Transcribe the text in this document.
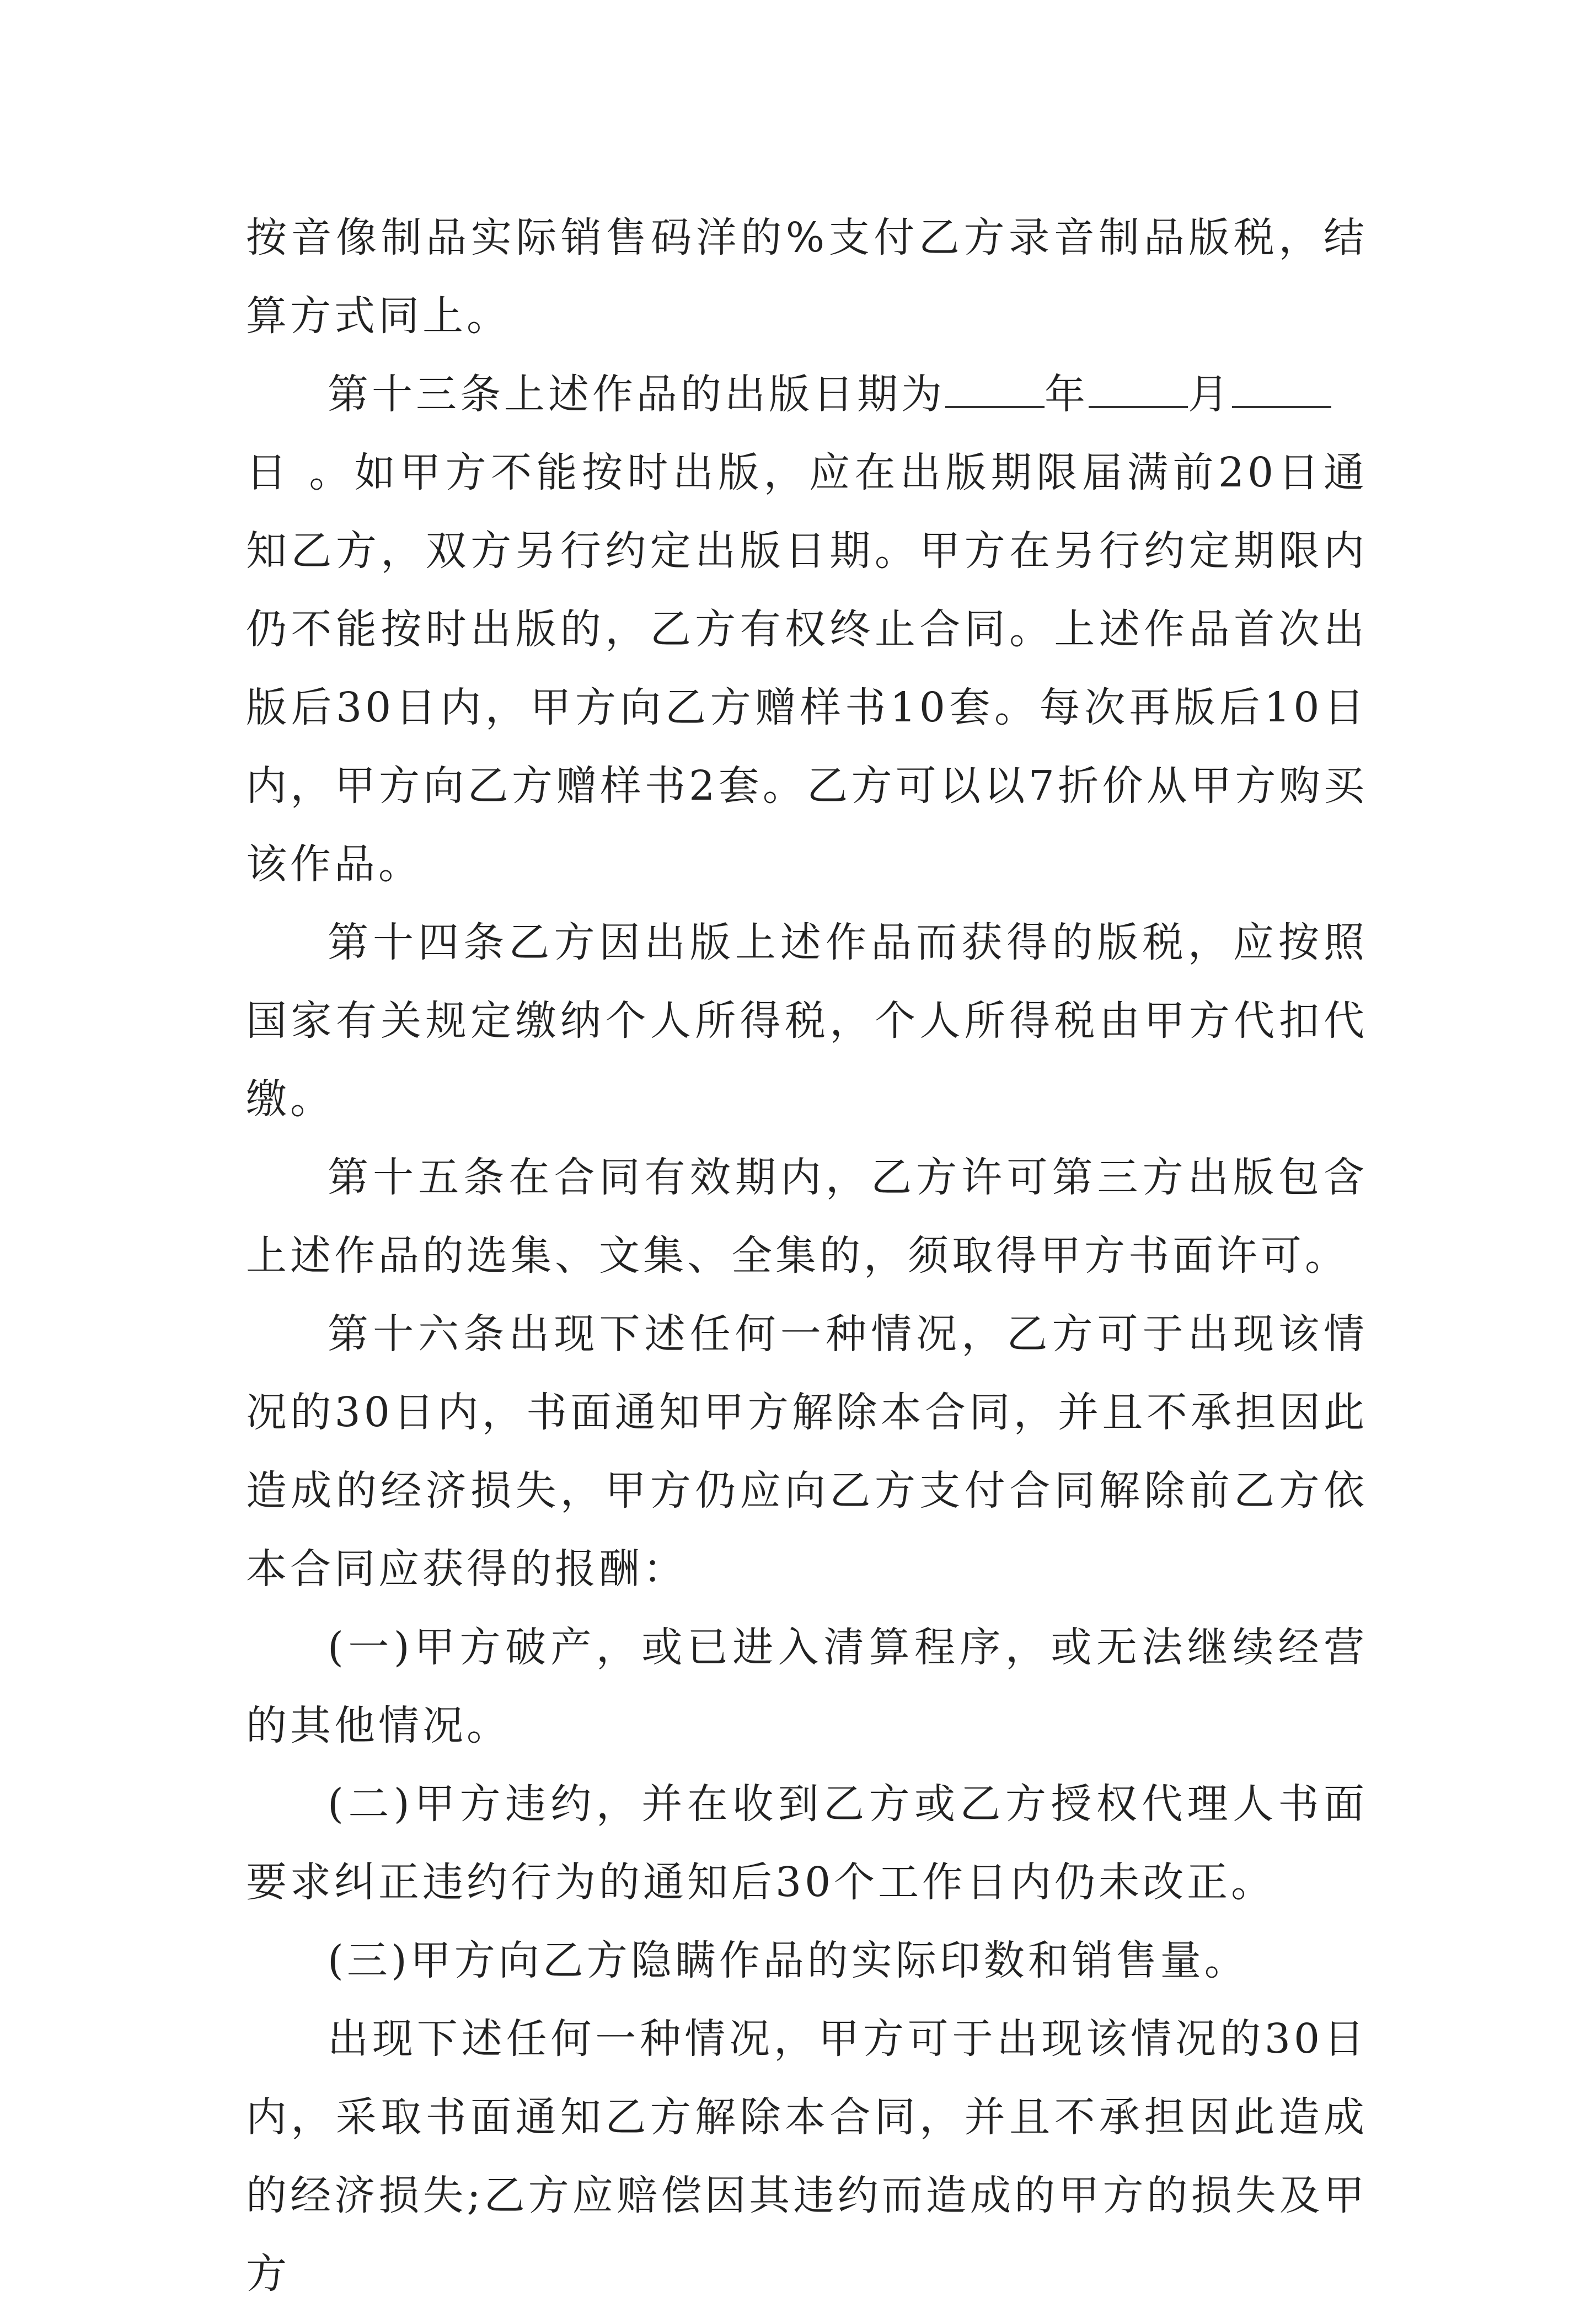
按音像制品实际销售码洋的%支付乙方录音制品版税，结算方式同上。

第十三条上述作品的出版日期为 年 月

日 。如甲方不能按时出版，应在出版期限届满前20日通知乙方，双方另行约定出版日期。甲方在另行约定期限内仍不能按时出版的，乙方有权终止合同。上述作品首次出版后30日内，甲方向乙方赠样书10套。每次再版后10日内，甲方向乙方赠样书2套。乙方可以以7折价从甲方购买该作品。

第十四条乙方因出版上述作品而获得的版税，应按照国家有关规定缴纳个人所得税，个人所得税由甲方代扣代缴。

第十五条在合同有效期内，乙方许可第三方出版包含上述作品的选集、文集、全集的，须取得甲方书面许可。

第十六条出现下述任何一种情况，乙方可于出现该情况的30日内，书面通知甲方解除本合同，并且不承担因此造成的经济损失，甲方仍应向乙方支付合同解除前乙方依本合同应获得的报酬：

(一)甲方破产，或已进入清算程序，或无法继续经营的其他情况。

(二)甲方违约，并在收到乙方或乙方授权代理人书面要求纠正违约行为的通知后30个工作日内仍未改正。

(三)甲方向乙方隐瞒作品的实际印数和销售量。

出现下述任何一种情况，甲方可于出现该情况的30日内，采取书面通知乙方解除本合同，并且不承担因此造成的经济损失;乙方应赔偿因其违约而造成的甲方的损失及甲方
